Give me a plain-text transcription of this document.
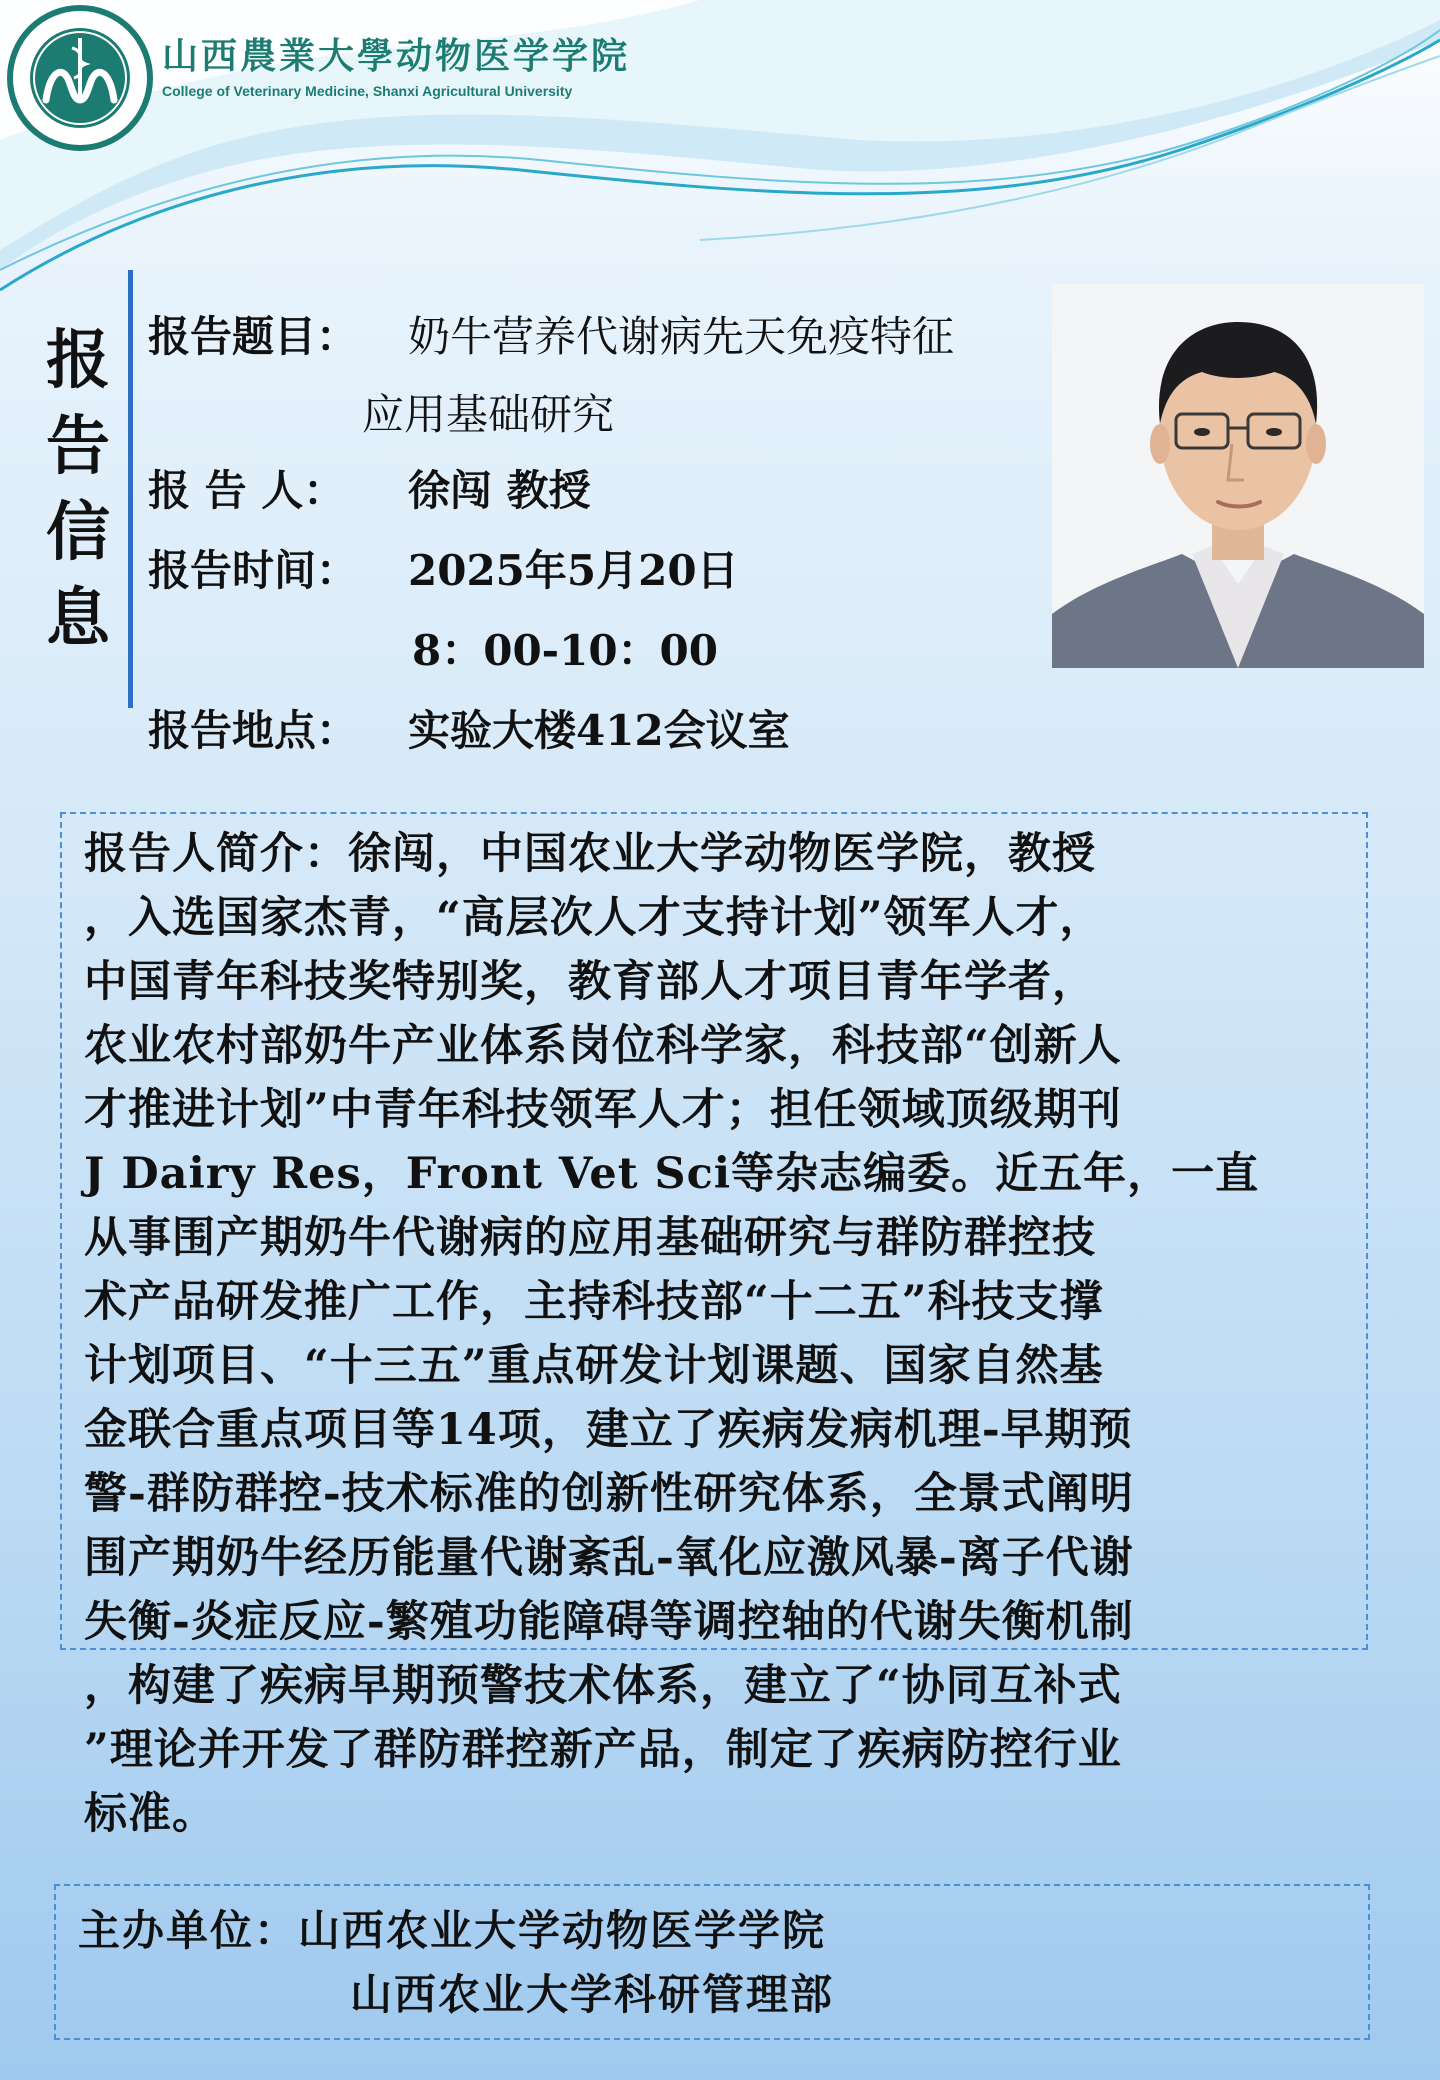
山西農業大學动物医学学院
College of Veterinary Medicine, Shanxi Agricultural University
报告信息
报告题目： 奶牛营养代谢病先天免疫特征
应用基础研究
报 告 人： 徐闯 教授
报告时间： 2025年5月20日
8：00-10：00
报告地点： 实验大楼412会议室
报告人简介：徐闯，中国农业大学动物医学院，教授
，入选国家杰青，“高层次人才支持计划”领军人才，
中国青年科技奖特别奖，教育部人才项目青年学者，
农业农村部奶牛产业体系岗位科学家，科技部“创新人
才推进计划”中青年科技领军人才；担任领域顶级期刊
J Dairy Res，Front Vet Sci等杂志编委。近五年，一直
从事围产期奶牛代谢病的应用基础研究与群防群控技
术产品研发推广工作，主持科技部“十二五”科技支撑
计划项目、“十三五”重点研发计划课题、国家自然基
金联合重点项目等14项，建立了疾病发病机理-早期预
警-群防群控-技术标准的创新性研究体系，全景式阐明
围产期奶牛经历能量代谢紊乱-氧化应激风暴-离子代谢
失衡-炎症反应-繁殖功能障碍等调控轴的代谢失衡机制
，构建了疾病早期预警技术体系，建立了“协同互补式
”理论并开发了群防群控新产品，制定了疾病防控行业
标准。
主办单位：山西农业大学动物医学学院
山西农业大学科研管理部
